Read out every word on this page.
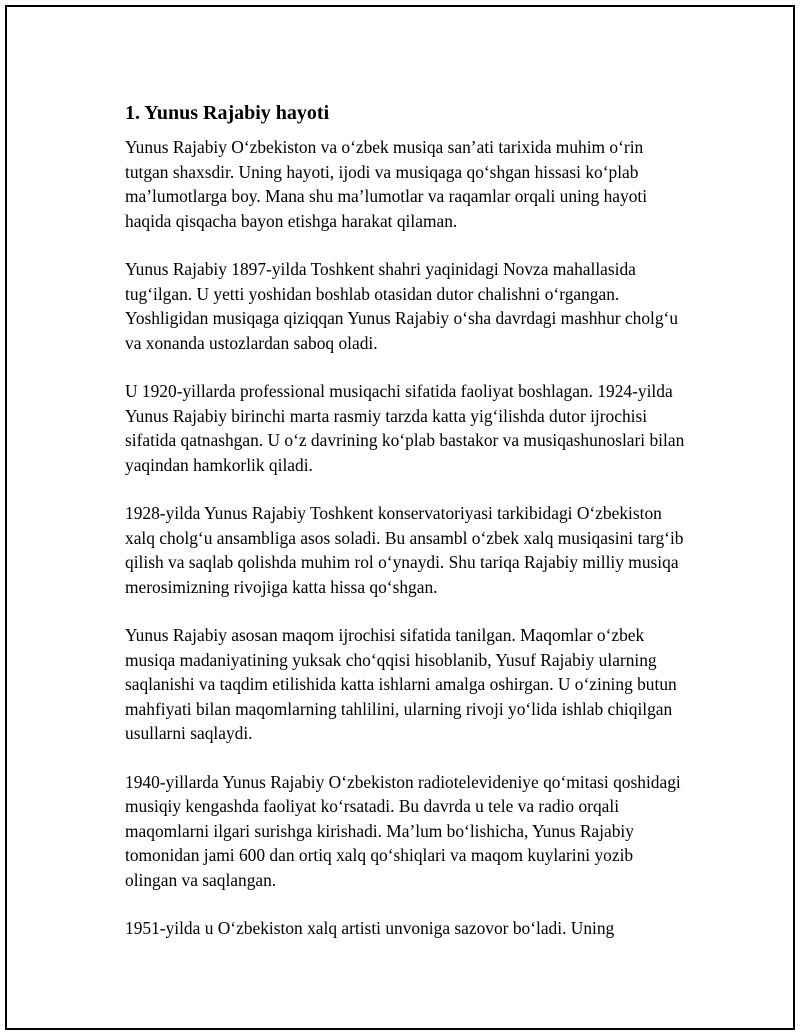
1. Yunus Rajabiy hayoti

Yunus Rajabiy O‘zbekiston va o‘zbek musiqa san’ati tarixida muhim o‘rin tutgan shaxsdir. Uning hayoti, ijodi va musiqaga qo‘shgan hissasi ko‘plab ma’lumotlarga boy. Mana shu ma’lumotlar va raqamlar orqali uning hayoti haqida qisqacha bayon etishga harakat qilaman.

Yunus Rajabiy 1897-yilda Toshkent shahri yaqinidagi Novza mahallasida tug‘ilgan. U yetti yoshidan boshlab otasidan dutor chalishni o‘rgangan. Yoshligidan musiqaga qiziqqan Yunus Rajabiy o‘sha davrdagi mashhur cholg‘u va xonanda ustozlardan saboq oladi.

U 1920-yillarda professional musiqachi sifatida faoliyat boshlagan. 1924-yilda Yunus Rajabiy birinchi marta rasmiy tarzda katta yig‘ilishda dutor ijrochisi sifatida qatnashgan. U o‘z davrining ko‘plab bastakor va musiqashunoslari bilan yaqindan hamkorlik qiladi.

1928-yilda Yunus Rajabiy Toshkent konservatoriyasi tarkibidagi O‘zbekiston xalq cholg‘u ansambliga asos soladi. Bu ansambl o‘zbek xalq musiqasini targ‘ib qilish va saqlab qolishda muhim rol o‘ynaydi. Shu tariqa Rajabiy milliy musiqa merosimizning rivojiga katta hissa qo‘shgan.

Yunus Rajabiy asosan maqom ijrochisi sifatida tanilgan. Maqomlar o‘zbek musiqa madaniyatining yuksak cho‘qqisi hisoblanib, Yusuf Rajabiy ularning saqlanishi va taqdim etilishida katta ishlarni amalga oshirgan. U o‘zining butun mahfiyati bilan maqomlarning tahlilini, ularning rivoji yo‘lida ishlab chiqilgan usullarni saqlaydi.

1940-yillarda Yunus Rajabiy O‘zbekiston radiotelevideniye qo‘mitasi qoshidagi musiqiy kengashda faoliyat ko‘rsatadi. Bu davrda u tele va radio orqali maqomlarni ilgari surishga kirishadi. Ma’lum bo‘lishicha, Yunus Rajabiy tomonidan jami 600 dan ortiq xalq qo‘shiqlari va maqom kuylarini yozib olingan va saqlangan.

1951-yilda u O‘zbekiston xalq artisti unvoniga sazovor bo‘ladi. Uning
